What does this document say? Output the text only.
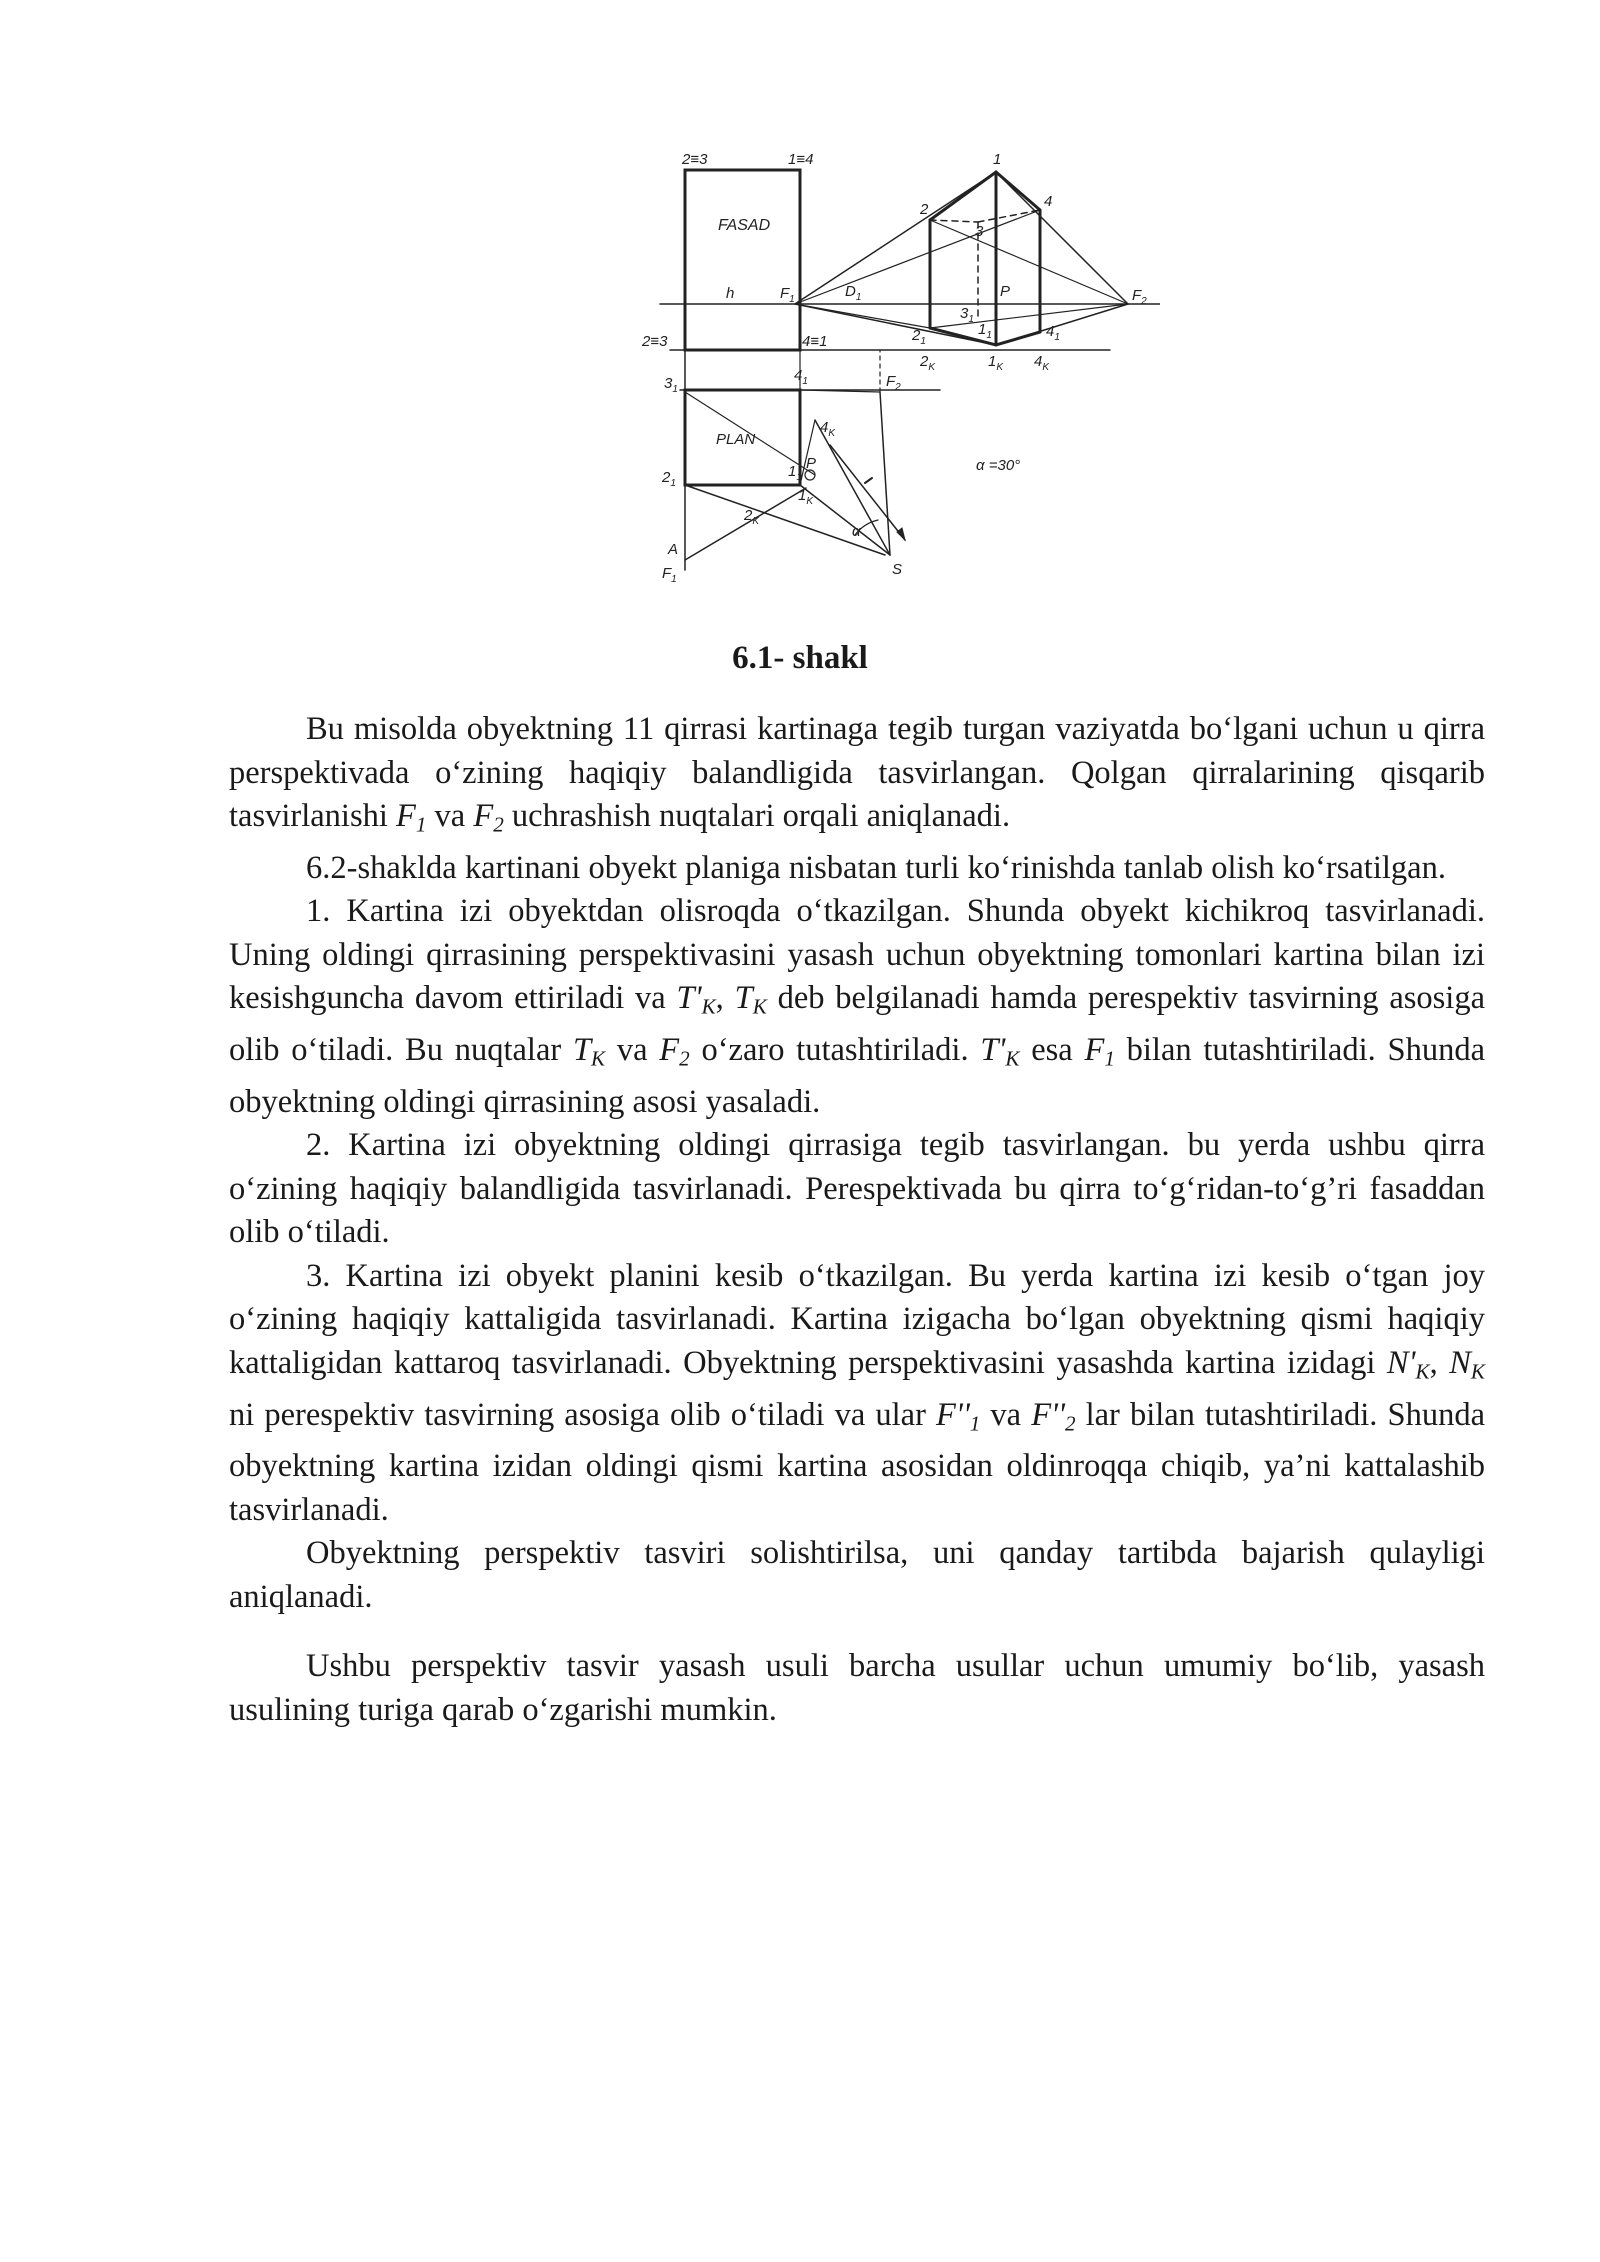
2≡3	1≡4	1
2
3
4
FASAD
h	$F_1$	$D_1$	P	$F_2$
$3_1$
2≡3	4≡1	$2_1$
$1_1$	$4_1$
$2_K$	$1_K$ $4_K$
$3_1$
$4_1$	$F_2$
PLAN
$4_K$
$1_1$
P
$1_K$
$2_1$
$2_K$
α =30°
α
A
$F_1$
S
6.1- shakl

Bu misolda obyektning 11 qirrasi kartinaga tegib turgan vaziyatda bo‘lgani uchun u qirra perspektivada o‘zining haqiqiy balandligida tasvirlangan. Qolgan qirralarining qisqarib tasvirlanishi $F_1$ va $F_2$ uchrashish nuqtalari orqali aniqlanadi.

6.2-shaklda kartinani obyekt planiga nisbatan turli ko‘rinishda tanlab olish ko‘rsatilgan.

1. Kartina izi obyektdan olisroqda o‘tkazilgan. Shunda obyekt kichikroq tasvirlanadi. Uning oldingi qirrasining perspektivasini yasash uchun obyektning tomonlari kartina bilan izi kesishguncha davom ettiriladi va $T'_K$, $T_K$ deb belgilanadi hamda perespektiv tasvirning asosiga olib o‘tiladi. Bu nuqtalar $T_K$ va $F_2$ o‘zaro tutashtiriladi. $T'_K$ esa $F_1$ bilan tutashtiriladi. Shunda obyektning oldingi qirrasining asosi yasaladi.

2. Kartina izi obyektning oldingi qirrasiga tegib tasvirlangan. bu yerda ushbu qirra o‘zining haqiqiy balandligida tasvirlanadi. Perespektivada bu qirra to‘g‘ridan-to‘g’ri fasaddan olib o‘tiladi.

3. Kartina izi obyekt planini kesib o‘tkazilgan. Bu yerda kartina izi kesib o‘tgan joy o‘zining haqiqiy kattaligida tasvirlanadi. Kartina izigacha bo‘lgan obyektning qismi haqiqiy kattaligidan kattaroq tasvirlanadi. Obyektning perspektivasini yasashda kartina izidagi $N'_K$, $N_K$ ni perespektiv tasvirning asosiga olib o‘tiladi va ular $F''_1$ va $F''_2$ lar bilan tutashtiriladi. Shunda obyektning kartina izidan oldingi qismi kartina asosidan oldinroqqa chiqib, ya’ni kattalashib tasvirlanadi.

Obyektning perspektiv tasviri solishtirilsa, uni qanday tartibda bajarish qulayligi aniqlanadi.

Ushbu perspektiv tasvir yasash usuli barcha usullar uchun umumiy bo‘lib, yasash usulining turiga qarab o‘zgarishi mumkin.
